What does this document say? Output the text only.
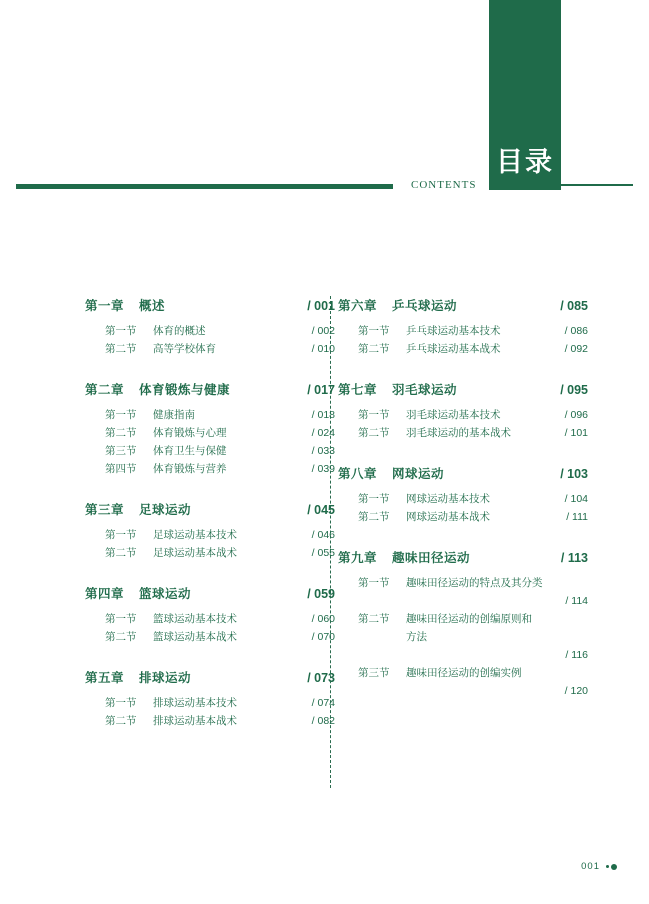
目录
CONTENTS
第一章	概述	/ 001
第一节	体育的概述	/ 002
第二节	高等学校体育	/ 010
第二章	体育锻炼与健康	/ 017
第一节	健康指南	/ 018
第二节	体育锻炼与心理	/ 024
第三节	体育卫生与保健	/ 033
第四节	体育锻炼与营养	/ 039
第三章	足球运动	/ 045
第一节	足球运动基本技术	/ 046
第二节	足球运动基本战术	/ 055
第四章	篮球运动	/ 059
第一节	篮球运动基本技术	/ 060
第二节	篮球运动基本战术	/ 070
第五章	排球运动	/ 073
第一节	排球运动基本技术	/ 074
第二节	排球运动基本战术	/ 082
第六章	乒乓球运动	/ 085
第一节	乒乓球运动基本技术	/ 086
第二节	乒乓球运动基本战术	/ 092
第七章	羽毛球运动	/ 095
第一节	羽毛球运动基本技术	/ 096
第二节	羽毛球运动的基本战术	/ 101
第八章	网球运动	/ 103
第一节	网球运动基本技术	/ 104
第二节	网球运动基本战术	/ 111
第九章	趣味田径运动	/ 113
第一节	趣味田径运动的特点及其分类
/ 114
第二节	趣味田径运动的创编原则和
方法
/ 116
第三节	趣味田径运动的创编实例
/ 120
001
